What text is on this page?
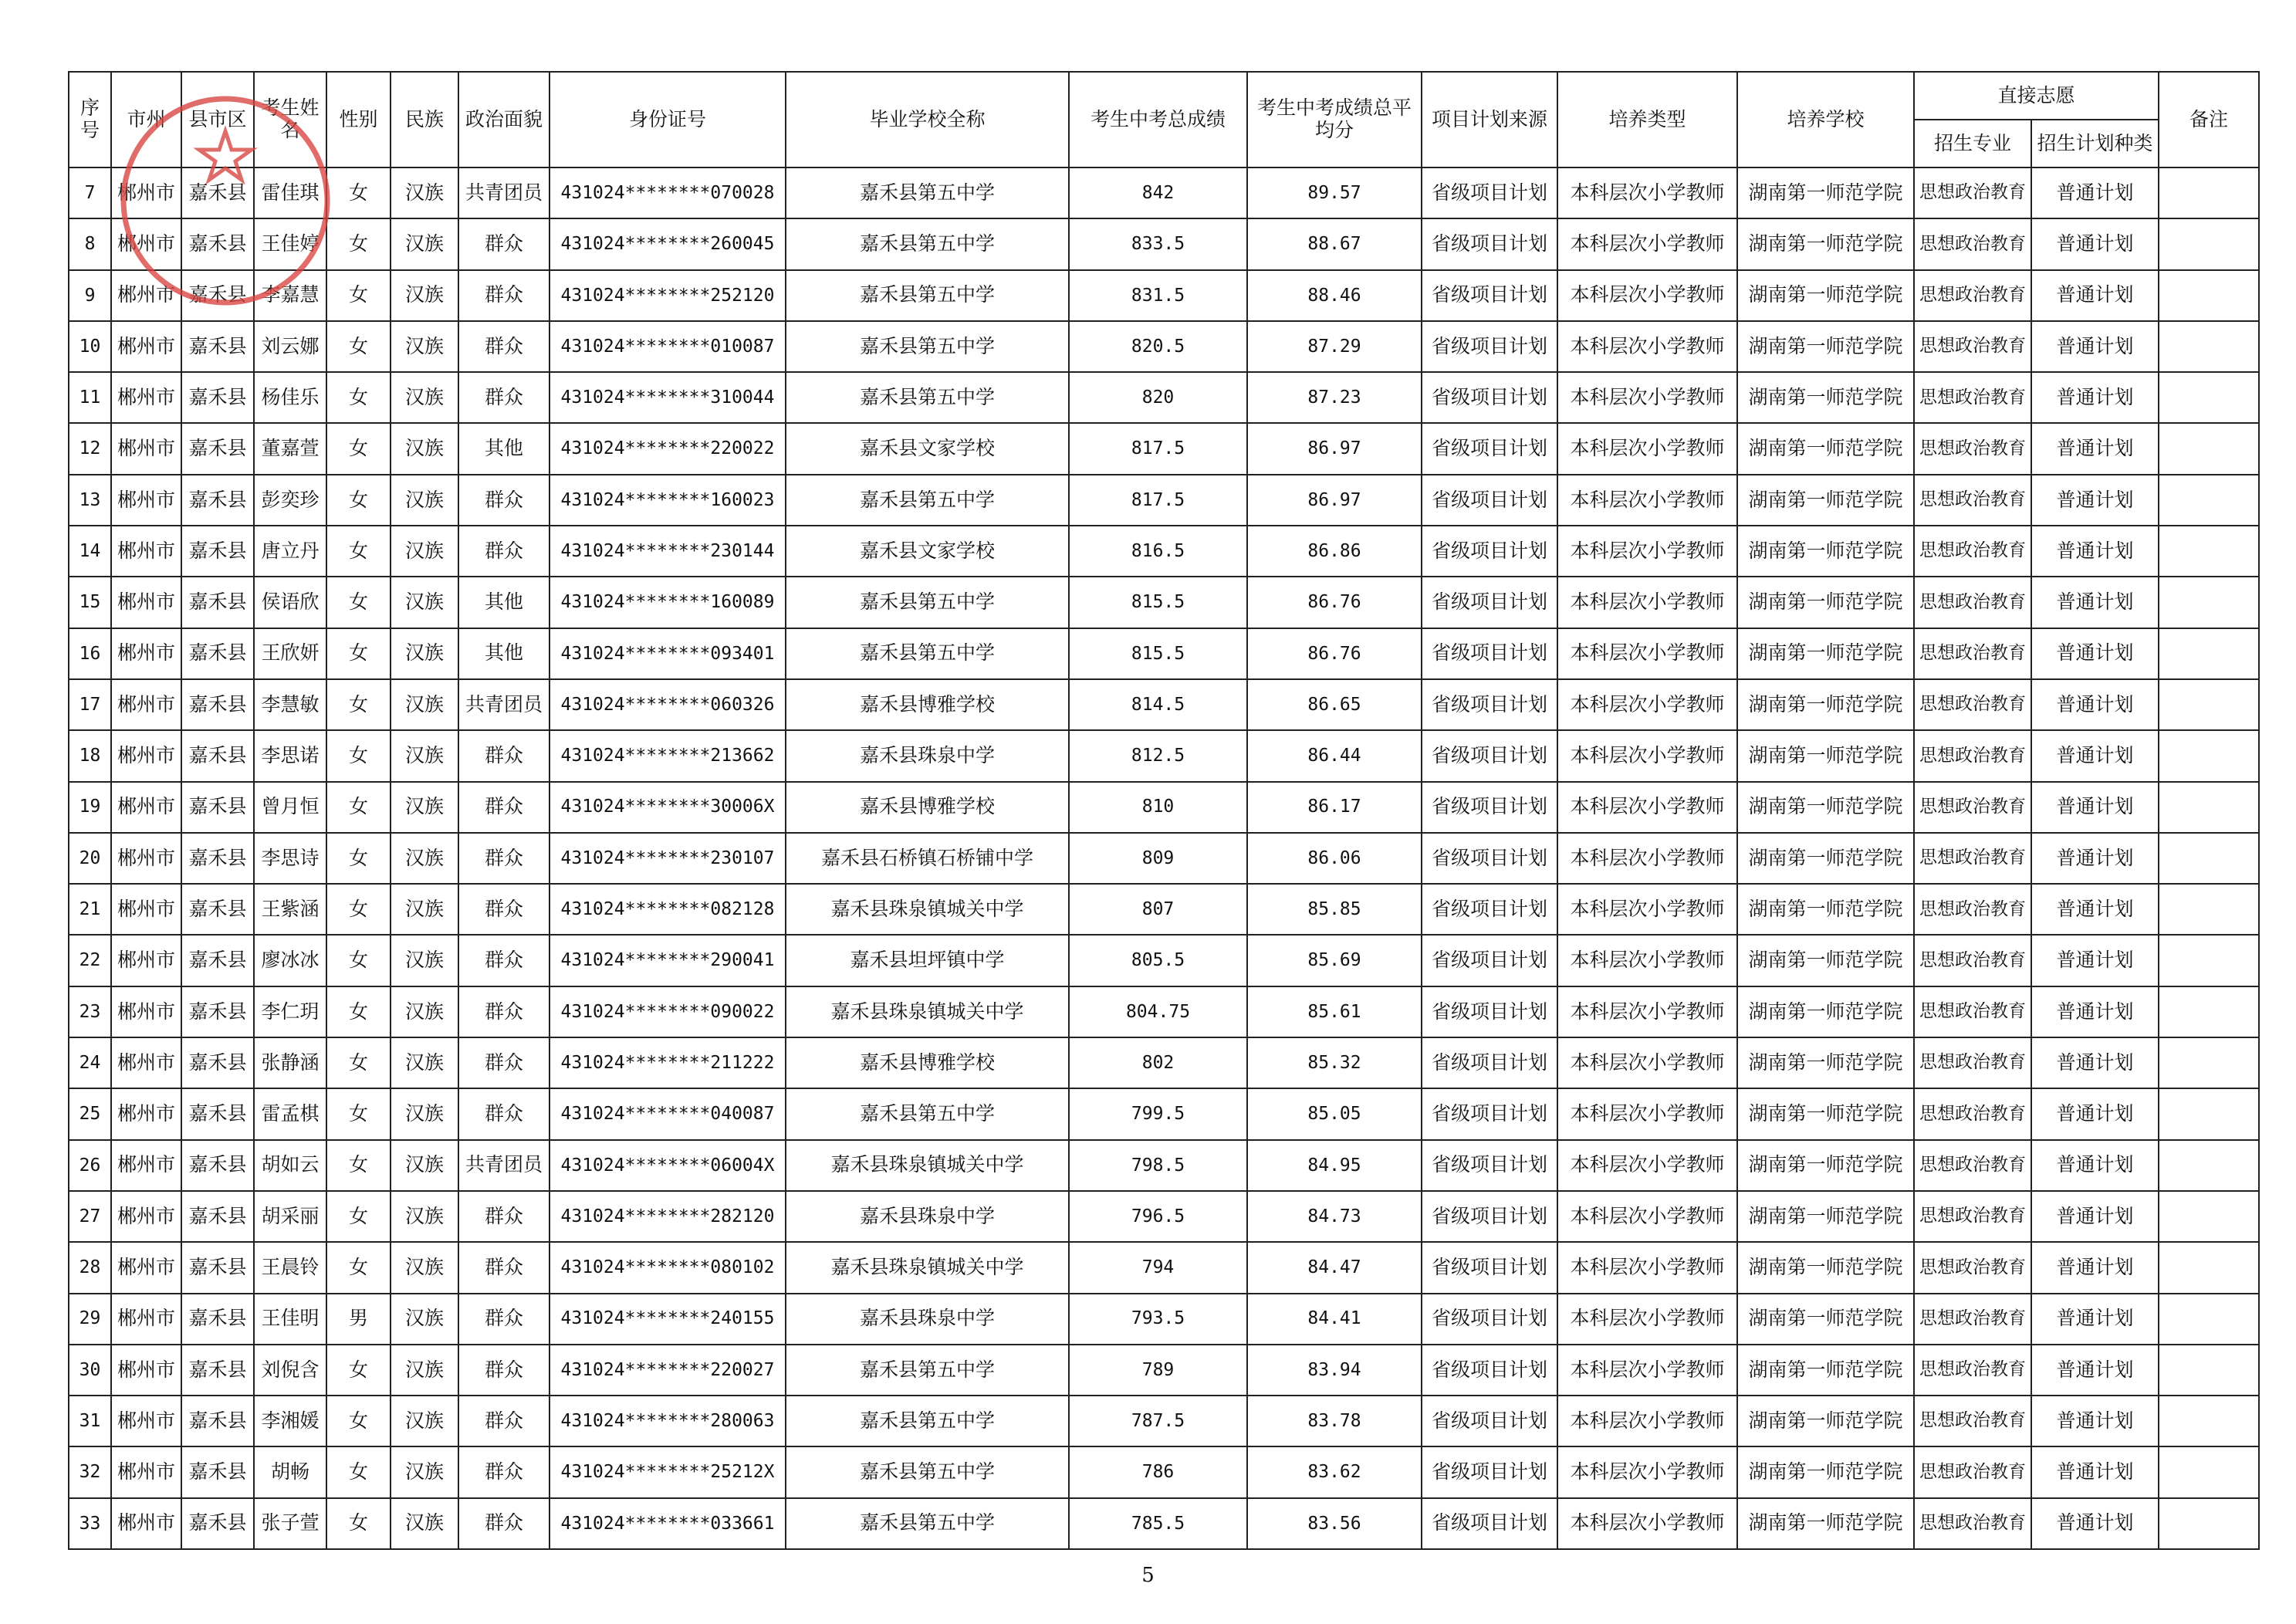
序号	市州	县市区	考生姓名	性别	民族	政治面貌	身份证号	毕业学校全称	考生中考总成绩	考生中考成绩总平均分	项目计划来源	培养类型	培养学校	直接志愿		备注
														招生专业	招生计划种类	
7	郴州市	嘉禾县	雷佳琪	女	汉族	共青团员	431024********070028	嘉禾县第五中学	842	89.57	省级项目计划	本科层次小学教师	湖南第一师范学院	思想政治教育	普通计划	
8	郴州市	嘉禾县	王佳婷	女	汉族	群众	431024********260045	嘉禾县第五中学	833.5	88.67	省级项目计划	本科层次小学教师	湖南第一师范学院	思想政治教育	普通计划	
9	郴州市	嘉禾县	李嘉慧	女	汉族	群众	431024********252120	嘉禾县第五中学	831.5	88.46	省级项目计划	本科层次小学教师	湖南第一师范学院	思想政治教育	普通计划	
10	郴州市	嘉禾县	刘云娜	女	汉族	群众	431024********010087	嘉禾县第五中学	820.5	87.29	省级项目计划	本科层次小学教师	湖南第一师范学院	思想政治教育	普通计划	
11	郴州市	嘉禾县	杨佳乐	女	汉族	群众	431024********310044	嘉禾县第五中学	820	87.23	省级项目计划	本科层次小学教师	湖南第一师范学院	思想政治教育	普通计划	
12	郴州市	嘉禾县	董嘉萱	女	汉族	其他	431024********220022	嘉禾县文家学校	817.5	86.97	省级项目计划	本科层次小学教师	湖南第一师范学院	思想政治教育	普通计划	
13	郴州市	嘉禾县	彭奕珍	女	汉族	群众	431024********160023	嘉禾县第五中学	817.5	86.97	省级项目计划	本科层次小学教师	湖南第一师范学院	思想政治教育	普通计划	
14	郴州市	嘉禾县	唐立丹	女	汉族	群众	431024********230144	嘉禾县文家学校	816.5	86.86	省级项目计划	本科层次小学教师	湖南第一师范学院	思想政治教育	普通计划	
15	郴州市	嘉禾县	侯语欣	女	汉族	其他	431024********160089	嘉禾县第五中学	815.5	86.76	省级项目计划	本科层次小学教师	湖南第一师范学院	思想政治教育	普通计划	
16	郴州市	嘉禾县	王欣妍	女	汉族	其他	431024********093401	嘉禾县第五中学	815.5	86.76	省级项目计划	本科层次小学教师	湖南第一师范学院	思想政治教育	普通计划	
17	郴州市	嘉禾县	李慧敏	女	汉族	共青团员	431024********060326	嘉禾县博雅学校	814.5	86.65	省级项目计划	本科层次小学教师	湖南第一师范学院	思想政治教育	普通计划	
18	郴州市	嘉禾县	李思诺	女	汉族	群众	431024********213662	嘉禾县珠泉中学	812.5	86.44	省级项目计划	本科层次小学教师	湖南第一师范学院	思想政治教育	普通计划	
19	郴州市	嘉禾县	曾月恒	女	汉族	群众	431024********30006X	嘉禾县博雅学校	810	86.17	省级项目计划	本科层次小学教师	湖南第一师范学院	思想政治教育	普通计划	
20	郴州市	嘉禾县	李思诗	女	汉族	群众	431024********230107	嘉禾县石桥镇石桥铺中学	809	86.06	省级项目计划	本科层次小学教师	湖南第一师范学院	思想政治教育	普通计划	
21	郴州市	嘉禾县	王紫涵	女	汉族	群众	431024********082128	嘉禾县珠泉镇城关中学	807	85.85	省级项目计划	本科层次小学教师	湖南第一师范学院	思想政治教育	普通计划	
22	郴州市	嘉禾县	廖冰冰	女	汉族	群众	431024********290041	嘉禾县坦坪镇中学	805.5	85.69	省级项目计划	本科层次小学教师	湖南第一师范学院	思想政治教育	普通计划	
23	郴州市	嘉禾县	李仁玥	女	汉族	群众	431024********090022	嘉禾县珠泉镇城关中学	804.75	85.61	省级项目计划	本科层次小学教师	湖南第一师范学院	思想政治教育	普通计划	
24	郴州市	嘉禾县	张静涵	女	汉族	群众	431024********211222	嘉禾县博雅学校	802	85.32	省级项目计划	本科层次小学教师	湖南第一师范学院	思想政治教育	普通计划	
25	郴州市	嘉禾县	雷孟棋	女	汉族	群众	431024********040087	嘉禾县第五中学	799.5	85.05	省级项目计划	本科层次小学教师	湖南第一师范学院	思想政治教育	普通计划	
26	郴州市	嘉禾县	胡如云	女	汉族	共青团员	431024********06004X	嘉禾县珠泉镇城关中学	798.5	84.95	省级项目计划	本科层次小学教师	湖南第一师范学院	思想政治教育	普通计划	
27	郴州市	嘉禾县	胡采丽	女	汉族	群众	431024********282120	嘉禾县珠泉中学	796.5	84.73	省级项目计划	本科层次小学教师	湖南第一师范学院	思想政治教育	普通计划	
28	郴州市	嘉禾县	王晨铃	女	汉族	群众	431024********080102	嘉禾县珠泉镇城关中学	794	84.47	省级项目计划	本科层次小学教师	湖南第一师范学院	思想政治教育	普通计划	
29	郴州市	嘉禾县	王佳明	男	汉族	群众	431024********240155	嘉禾县珠泉中学	793.5	84.41	省级项目计划	本科层次小学教师	湖南第一师范学院	思想政治教育	普通计划	
30	郴州市	嘉禾县	刘倪含	女	汉族	群众	431024********220027	嘉禾县第五中学	789	83.94	省级项目计划	本科层次小学教师	湖南第一师范学院	思想政治教育	普通计划	
31	郴州市	嘉禾县	李湘媛	女	汉族	群众	431024********280063	嘉禾县第五中学	787.5	83.78	省级项目计划	本科层次小学教师	湖南第一师范学院	思想政治教育	普通计划	
32	郴州市	嘉禾县	胡畅	女	汉族	群众	431024********25212X	嘉禾县第五中学	786	83.62	省级项目计划	本科层次小学教师	湖南第一师范学院	思想政治教育	普通计划	
33	郴州市	嘉禾县	张子萱	女	汉族	群众	431024********033661	嘉禾县第五中学	785.5	83.56	省级项目计划	本科层次小学教师	湖南第一师范学院	思想政治教育	普通计划	
5
